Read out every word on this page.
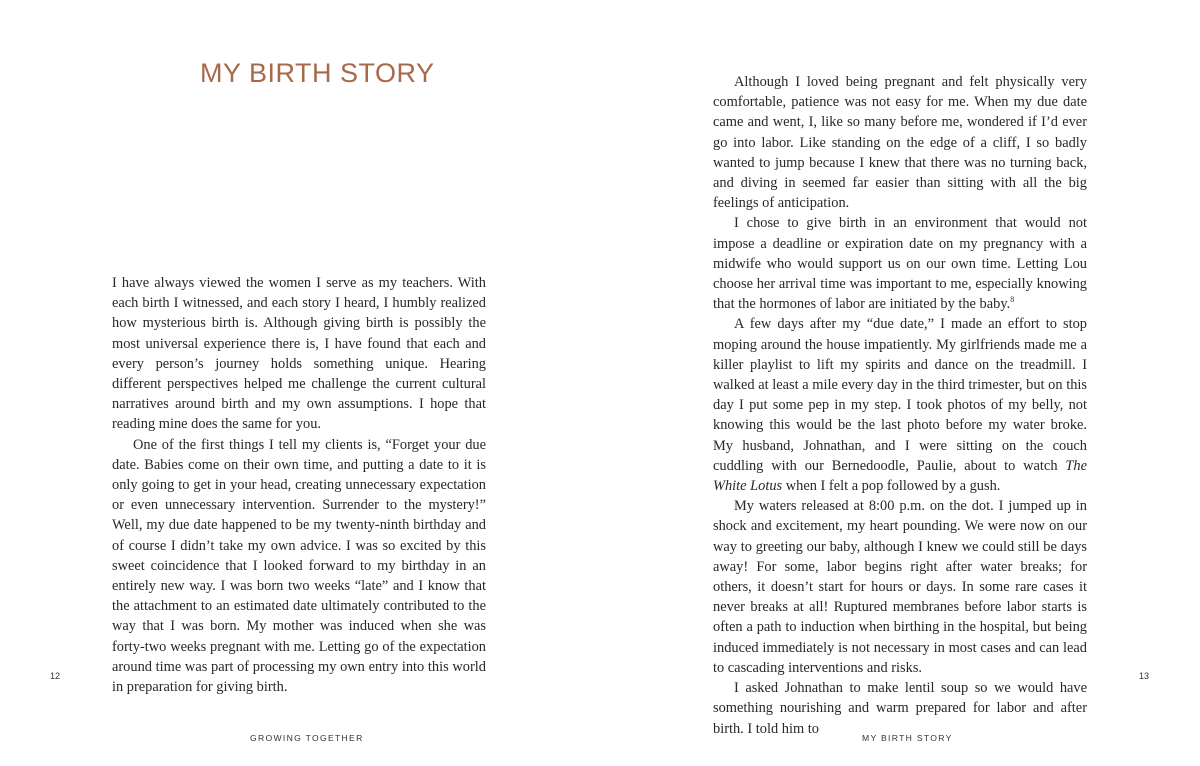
MY BIRTH STORY

I have always viewed the women I serve as my teachers. With each birth I witnessed, and each story I heard, I humbly realized how mysterious birth is. Although giving birth is possibly the most universal experience there is, I have found that each and every person’s journey holds something unique. Hearing different perspectives helped me challenge the current cultural narratives around birth and my own assumptions. I hope that reading mine does the same for you.

One of the first things I tell my clients is, “Forget your due date. Babies come on their own time, and putting a date to it is only going to get in your head, creating unnecessary expectation or even unnecessary intervention. Surrender to the mystery!” Well, my due date happened to be my twenty-ninth birthday and of course I didn’t take my own advice. I was so excited by this sweet coincidence that I looked forward to my birthday in an entirely new way. I was born two weeks “late” and I know that the attachment to an estimated date ultimately contributed to the way that I was born. My mother was induced when she was forty-two weeks pregnant with me. Letting go of the expectation around time was part of processing my own entry into this world in preparation for giving birth.

12
GROWING TOGETHER

Although I loved being pregnant and felt physically very comfortable, patience was not easy for me. When my due date came and went, I, like so many before me, wondered if I’d ever go into labor. Like standing on the edge of a cliff, I so badly wanted to jump because I knew that there was no turning back, and diving in seemed far easier than sitting with all the big feelings of anticipation.

I chose to give birth in an environment that would not impose a deadline or expiration date on my pregnancy with a midwife who would support us on our own time. Letting Lou choose her arrival time was important to me, especially knowing that the hormones of labor are initiated by the baby.$^8$

A few days after my “due date,” I made an effort to stop moping around the house impatiently. My girlfriends made me a killer playlist to lift my spirits and dance on the treadmill. I walked at least a mile every day in the third trimester, but on this day I put some pep in my step. I took photos of my belly, not knowing this would be the last photo before my water broke. My husband, Johnathan, and I were sitting on the couch cuddling with our Bernedoodle, Paulie, about to watch The White Lotus when I felt a pop followed by a gush.

My waters released at 8:00 p.m. on the dot. I jumped up in shock and excitement, my heart pounding. We were now on our way to greeting our baby, although I knew we could still be days away! For some, labor begins right after water breaks; for others, it doesn’t start for hours or days. In some rare cases it never breaks at all! Ruptured membranes before labor starts is often a path to induction when birthing in the hospital, but being induced immediately is not necessary in most cases and can lead to cascading interventions and risks.

I asked Johnathan to make lentil soup so we would have something nourishing and warm prepared for labor and after birth. I told him to

13
MY BIRTH STORY
